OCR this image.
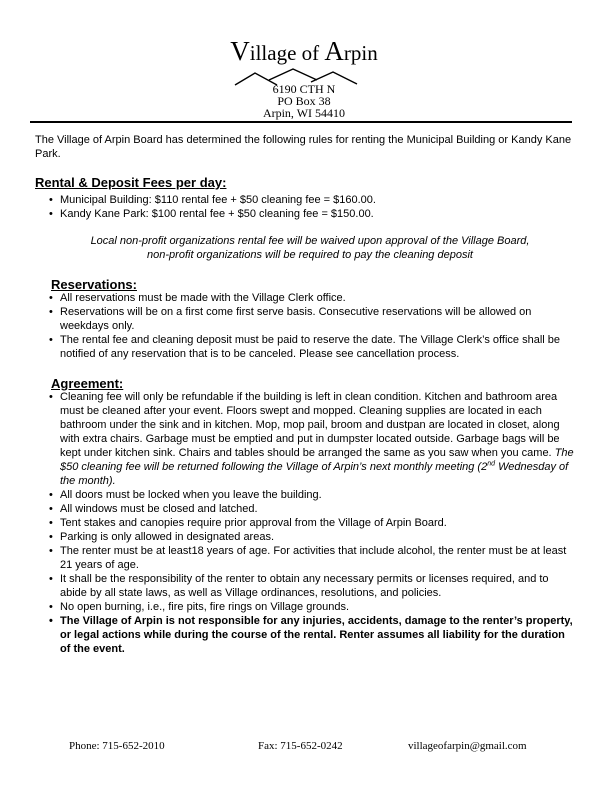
Village of Arpin
6190 CTH N
PO Box 38
Arpin, WI 54410
The Village of Arpin Board has determined the following rules for renting the Municipal Building or Kandy Kane Park.
Rental & Deposit Fees per day:
• Municipal Building: $110 rental fee + $50 cleaning fee = $160.00.
• Kandy Kane Park: $100 rental fee + $50 cleaning fee = $150.00.
Local non-profit organizations rental fee will be waived upon approval of the Village Board,
non-profit organizations will be required to pay the cleaning deposit
Reservations:
• All reservations must be made with the Village Clerk office.
• Reservations will be on a first come first serve basis. Consecutive reservations will be allowed on weekdays only.
• The rental fee and cleaning deposit must be paid to reserve the date. The Village Clerk’s office shall be notified of any reservation that is to be canceled. Please see cancellation process.
Agreement:
• Cleaning fee will only be refundable if the building is left in clean condition. Kitchen and bathroom area must be cleaned after your event. Floors swept and mopped. Cleaning supplies are located in each bathroom under the sink and in kitchen. Mop, mop pail, broom and dustpan are located in closet, along with extra chairs. Garbage must be emptied and put in dumpster located outside. Garbage bags will be kept under kitchen sink. Chairs and tables should be arranged the same as you saw when you came. The $50 cleaning fee will be returned following the Village of Arpin’s next monthly meeting (2nd Wednesday of the month).
• All doors must be locked when you leave the building.
• All windows must be closed and latched.
• Tent stakes and canopies require prior approval from the Village of Arpin Board.
• Parking is only allowed in designated areas.
• The renter must be at least18 years of age. For activities that include alcohol, the renter must be at least 21 years of age.
• It shall be the responsibility of the renter to obtain any necessary permits or licenses required, and to abide by all state laws, as well as Village ordinances, resolutions, and policies.
• No open burning, i.e., fire pits, fire rings on Village grounds.
• The Village of Arpin is not responsible for any injuries, accidents, damage to the renter’s property, or legal actions while during the course of the rental. Renter assumes all liability for the duration of the event.
Phone: 715-652-2010	Fax: 715-652-0242	villageofarpin@gmail.com
